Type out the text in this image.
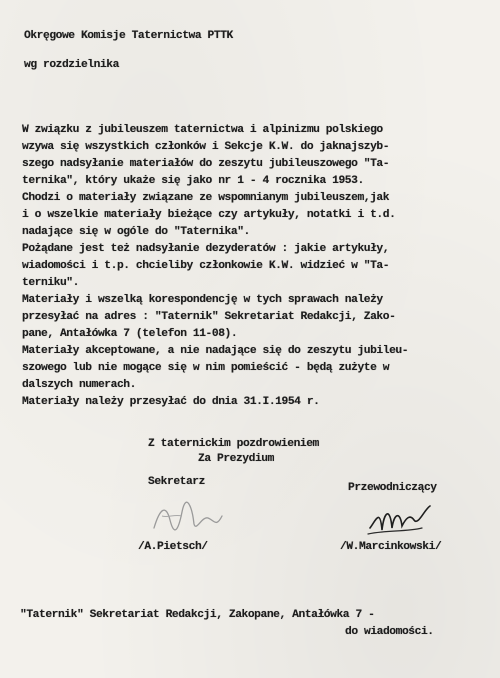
Okręgowe Komisje Taternictwa PTTK
wg rozdzielnika
W związku z jubileuszem taternictwa i alpinizmu polskiego
wzywa się wszystkich członków i Sekcje K.W. do jaknajszyb-
szego nadsyłanie materiałów do zeszytu jubileuszowego "Ta-
ternika", który ukaże się jako nr 1 - 4 rocznika 1953.
Chodzi o materiały związane ze wspomnianym jubileuszem,jak
i o wszelkie materiały bieżące czy artykuły, notatki i t.d.
nadające się w ogóle do "Taternika".
Pożądane jest też nadsyłanie dezyderatów : jakie artykuły,
wiadomości i t.p. chcieliby członkowie K.W. widzieć w "Ta-
terniku".
Materiały i wszelką korespondencję w tych sprawach należy
przesyłać na adres : "Taternik" Sekretariat Redakcji, Zako-
pane, Antałówka 7 (telefon 11-08).
Materiały akceptowane, a nie nadające się do zeszytu jubileu-
szowego lub nie mogące się w nim pomieścić - będą zużyte w
dalszych numerach.
Materiały należy przesyłać do dnia 31.I.1954 r.
Z taternickim pozdrowieniem
Za Prezydium
Sekretarz	Przewodniczący
/A.Pietsch/	/W.Marcinkowski/
"Taternik" Sekretariat Redakcji, Zakopane, Antałówka 7 -
do wiadomości.
